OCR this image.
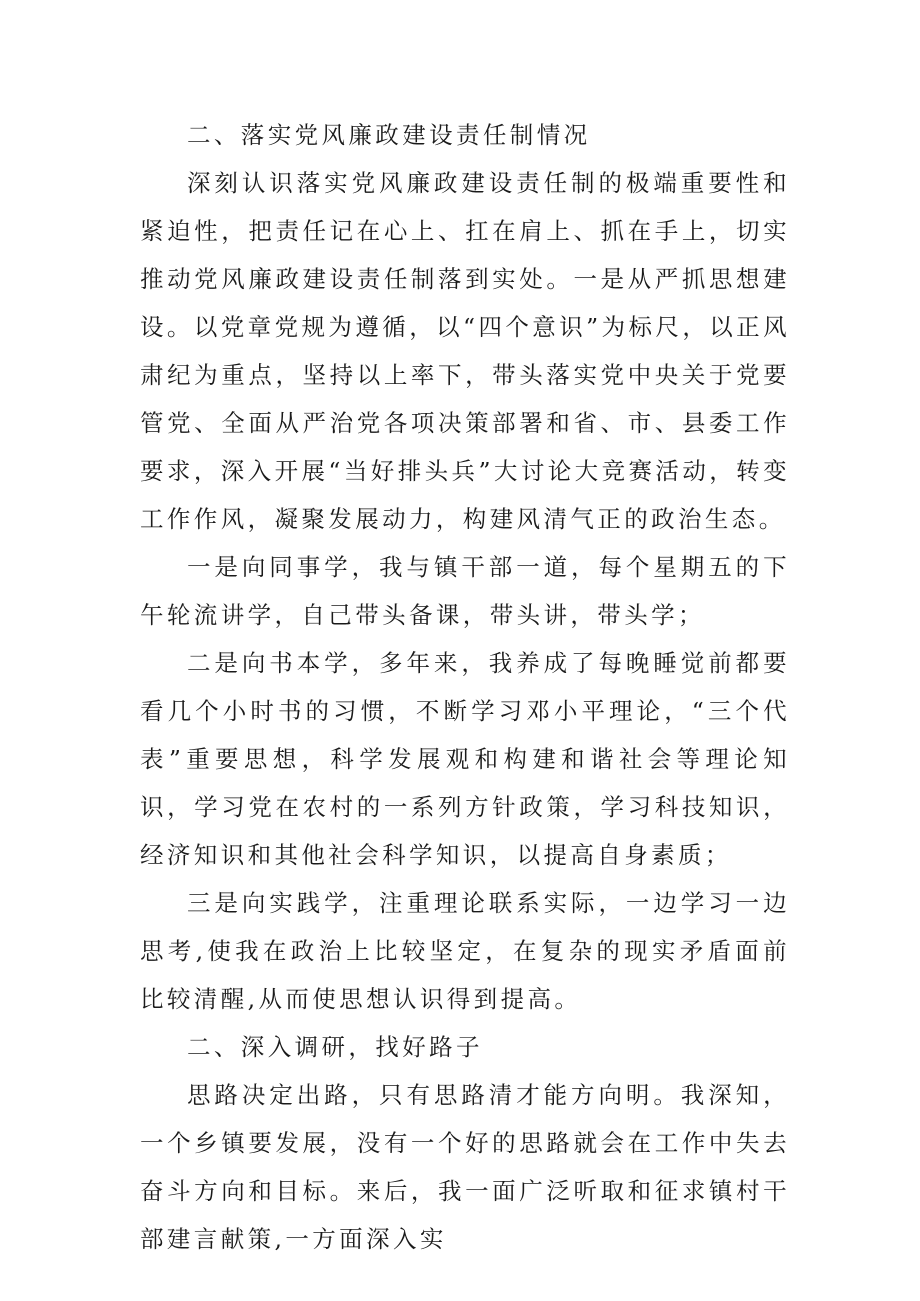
二、落实党风廉政建设责任制情况

深刻认识落实党风廉政建设责任制的极端重要性和紧迫性，把责任记在心上、扛在肩上、抓在手上，切实推动党风廉政建设责任制落到实处。一是从严抓思想建设。以党章党规为遵循，以“四个意识”为标尺，以正风肃纪为重点，坚持以上率下，带头落实党中央关于党要管党、全面从严治党各项决策部署和省、市、县委工作要求，深入开展“当好排头兵”大讨论大竞赛活动，转变工作作风，凝聚发展动力，构建风清气正的政治生态。

一是向同事学，我与镇干部一道，每个星期五的下午轮流讲学，自己带头备课，带头讲，带头学；

二是向书本学，多年来，我养成了每晚睡觉前都要看几个小时书的习惯，不断学习邓小平理论，“三个代表”重要思想，科学发展观和构建和谐社会等理论知识，学习党在农村的一系列方针政策，学习科技知识，经济知识和其他社会科学知识，以提高自身素质；

三是向实践学，注重理论联系实际，一边学习一边思考,使我在政治上比较坚定，在复杂的现实矛盾面前比较清醒,从而使思想认识得到提高。

二、深入调研，找好路子

思路决定出路，只有思路清才能方向明。我深知，一个乡镇要发展，没有一个好的思路就会在工作中失去奋斗方向和目标。来后，我一面广泛听取和征求镇村干部建言献策,一方面深入实
